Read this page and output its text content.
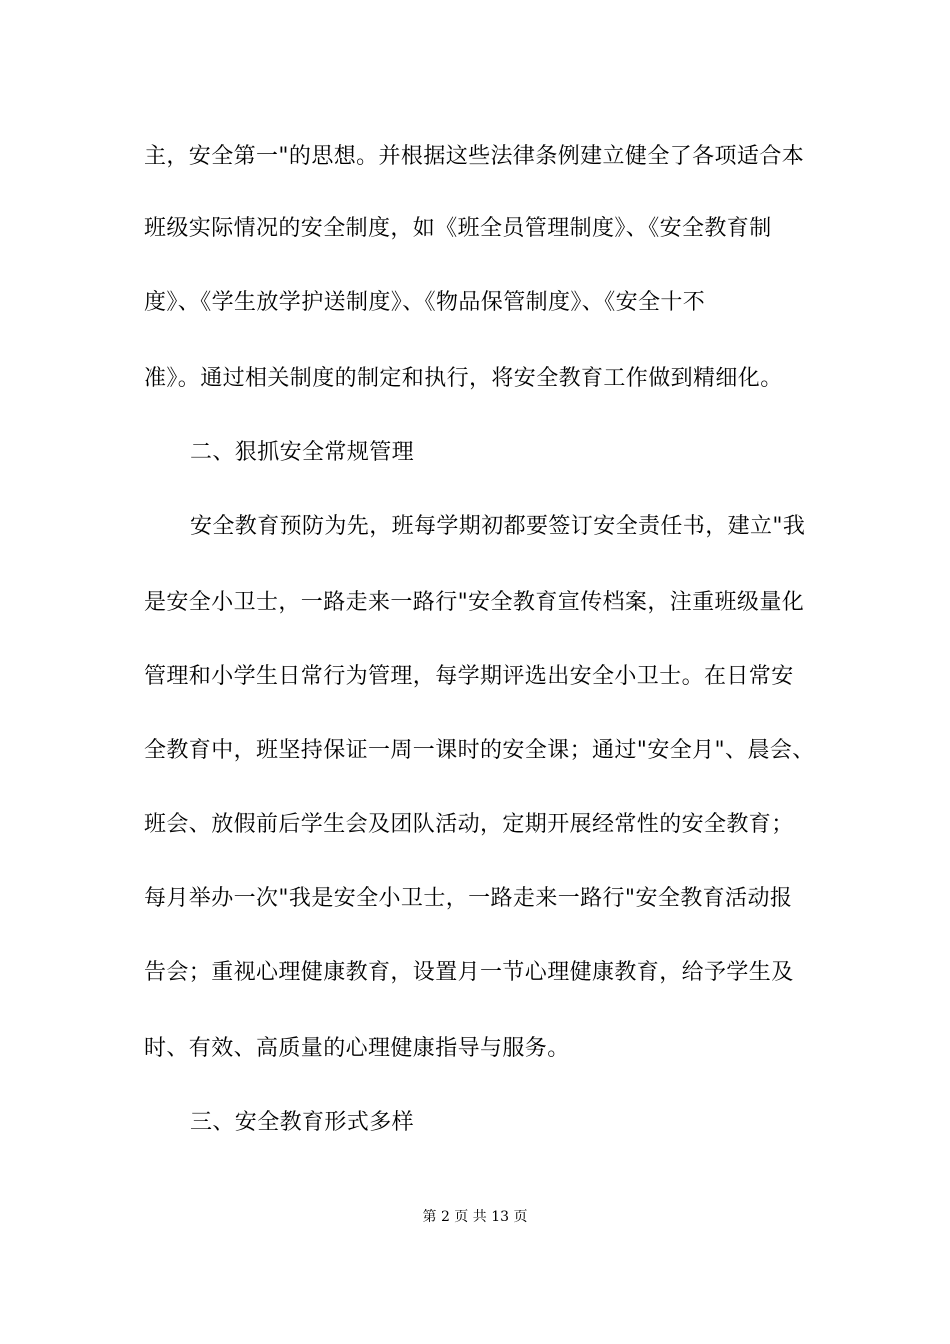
主，安全第一"的思想。并根据这些法律条例建立健全了各项适合本
班级实际情况的安全制度，如《班全员管理制度》、《安全教育制
度》、《学生放学护送制度》、《物品保管制度》、《安全十不
准》。通过相关制度的制定和执行，将安全教育工作做到精细化。
二、狠抓安全常规管理
安全教育预防为先，班每学期初都要签订安全责任书，建立"我
是安全小卫士，一路走来一路行"安全教育宣传档案，注重班级量化
管理和小学生日常行为管理，每学期评选出安全小卫士。在日常安
全教育中，班坚持保证一周一课时的安全课；通过"安全月"、晨会、
班会、放假前后学生会及团队活动，定期开展经常性的安全教育；
每月举办一次"我是安全小卫士，一路走来一路行"安全教育活动报
告会；重视心理健康教育，设置月一节心理健康教育，给予学生及
时、有效、高质量的心理健康指导与服务。
三、安全教育形式多样
第 2 页 共 13 页
